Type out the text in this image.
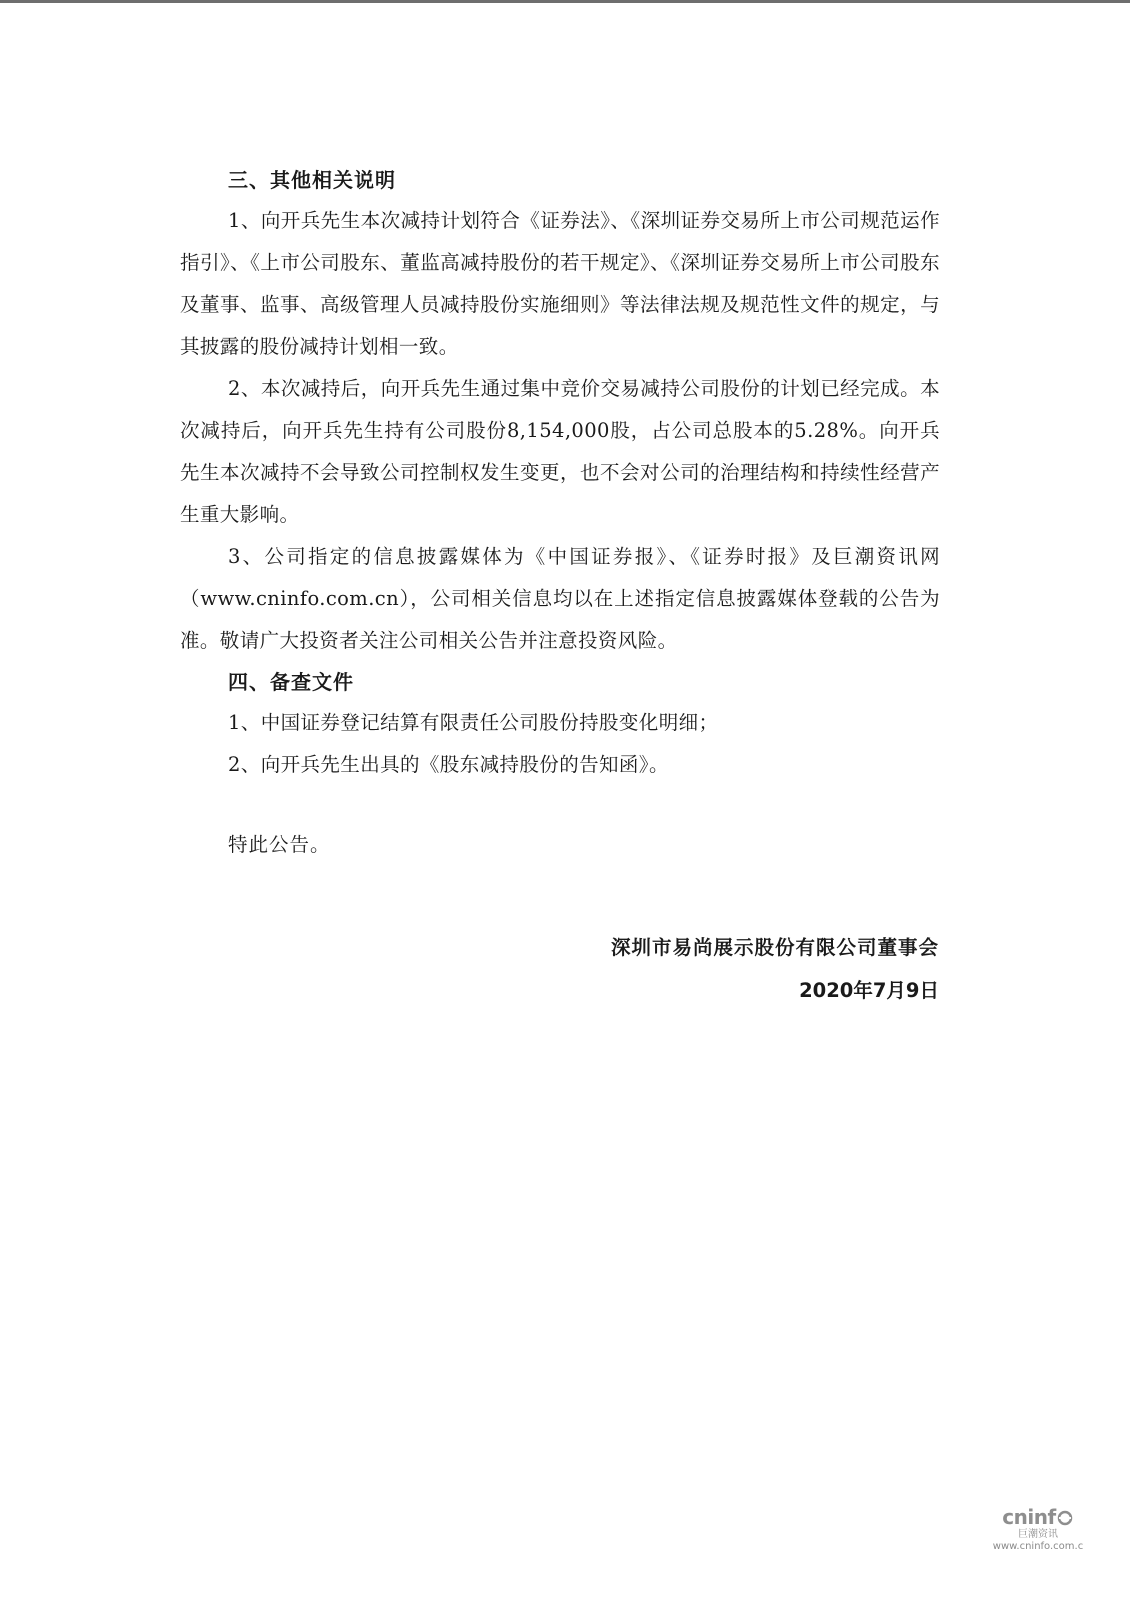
三、其他相关说明

1、向开兵先生本次减持计划符合《证券法》、《深圳证券交易所上市公司规范运作指引》、《上市公司股东、董监高减持股份的若干规定》、《深圳证券交易所上市公司股东及董事、监事、高级管理人员减持股份实施细则》等法律法规及规范性文件的规定，与其披露的股份减持计划相一致。

2、本次减持后，向开兵先生通过集中竞价交易减持公司股份的计划已经完成。本次减持后，向开兵先生持有公司股份8,154,000股，占公司总股本的5.28%。向开兵先生本次减持不会导致公司控制权发生变更，也不会对公司的治理结构和持续性经营产生重大影响。

3、公司指定的信息披露媒体为《中国证券报》、《证券时报》及巨潮资讯网（www.cninfo.com.cn），公司相关信息均以在上述指定信息披露媒体登载的公告为准。敬请广大投资者关注公司相关公告并注意投资风险。

四、备查文件

1、中国证券登记结算有限责任公司股份持股变化明细；

2、向开兵先生出具的《股东减持股份的告知函》。

特此公告。

深圳市易尚展示股份有限公司董事会
2020年7月9日
cninf
巨潮资讯
www.cninfo.com.c
